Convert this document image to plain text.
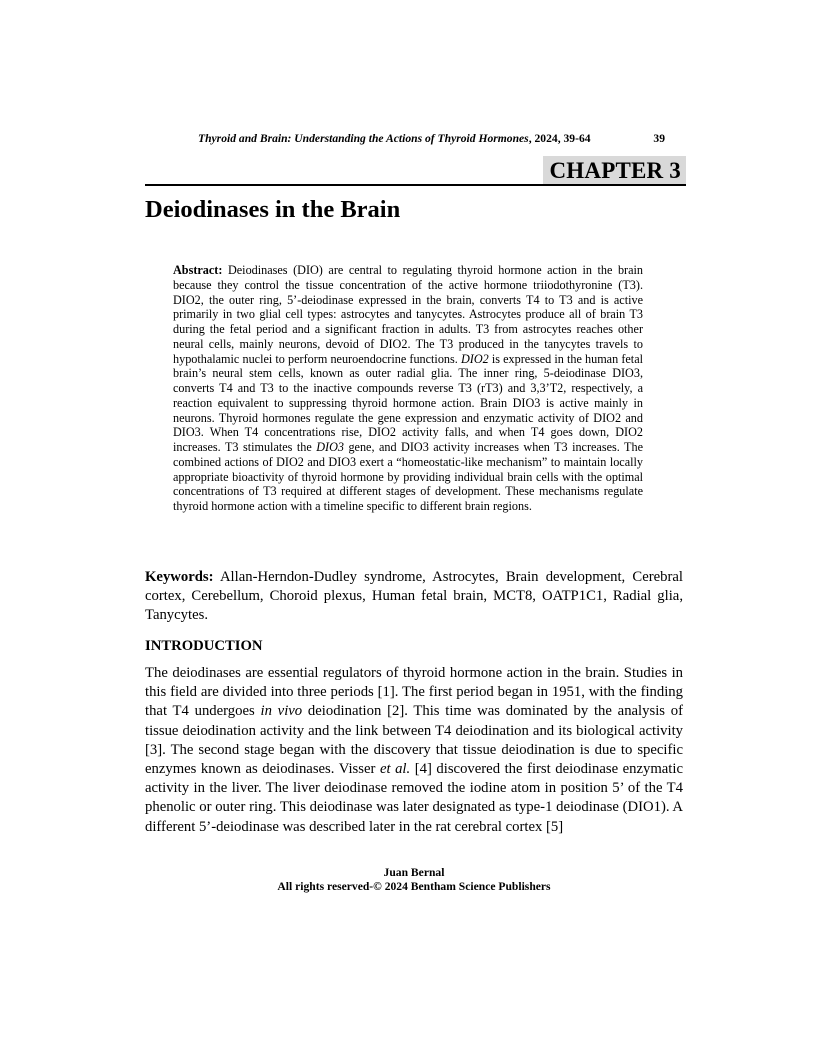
Thyroid and Brain: Understanding the Actions of Thyroid Hormones, 2024, 39-64	39
CHAPTER 3
Deiodinases in the Brain

Abstract: Deiodinases (DIO) are central to regulating thyroid hormone action in the brain because they control the tissue concentration of the active hormone triiodothyronine (T3). DIO2, the outer ring, 5’-deiodinase expressed in the brain, converts T4 to T3 and is active primarily in two glial cell types: astrocytes and tanycytes. Astrocytes produce all of brain T3 during the fetal period and a significant fraction in adults. T3 from astrocytes reaches other neural cells, mainly neurons, devoid of DIO2. The T3 produced in the tanycytes travels to hypothalamic nuclei to perform neuroendocrine functions. DIO2 is expressed in the human fetal brain’s neural stem cells, known as outer radial glia. The inner ring, 5-deiodinase DIO3, converts T4 and T3 to the inactive compounds reverse T3 (rT3) and 3,3’T2, respectively, a reaction equivalent to suppressing thyroid hormone action. Brain DIO3 is active mainly in neurons. Thyroid hormones regulate the gene expression and enzymatic activity of DIO2 and DIO3. When T4 concentrations rise, DIO2 activity falls, and when T4 goes down, DIO2 increases. T3 stimulates the DIO3 gene, and DIO3 activity increases when T3 increases. The combined actions of DIO2 and DIO3 exert a “homeostatic-like mechanism” to maintain locally appropriate bioactivity of thyroid hormone by providing individual brain cells with the optimal concentrations of T3 required at different stages of development. These mechanisms regulate thyroid hormone action with a timeline specific to different brain regions.

Keywords: Allan-Herndon-Dudley syndrome, Astrocytes, Brain development, Cerebral cortex, Cerebellum, Choroid plexus, Human fetal brain, MCT8, OATP1C1, Radial glia, Tanycytes.

INTRODUCTION

The deiodinases are essential regulators of thyroid hormone action in the brain. Studies in this field are divided into three periods [1]. The first period began in 1951, with the finding that T4 undergoes in vivo deiodination [2]. This time was dominated by the analysis of tissue deiodination activity and the link between T4 deiodination and its biological activity [3]. The second stage began with the discovery that tissue deiodination is due to specific enzymes known as deiodinases. Visser et al. [4] discovered the first deiodinase enzymatic activity in the liver. The liver deiodinase removed the iodine atom in position 5’ of the T4 phenolic or outer ring. This deiodinase was later designated as type-1 deiodinase (DIO1). A different 5’-deiodinase was described later in the rat cerebral cortex [5]

Juan Bernal
All rights reserved-© 2024 Bentham Science Publishers
